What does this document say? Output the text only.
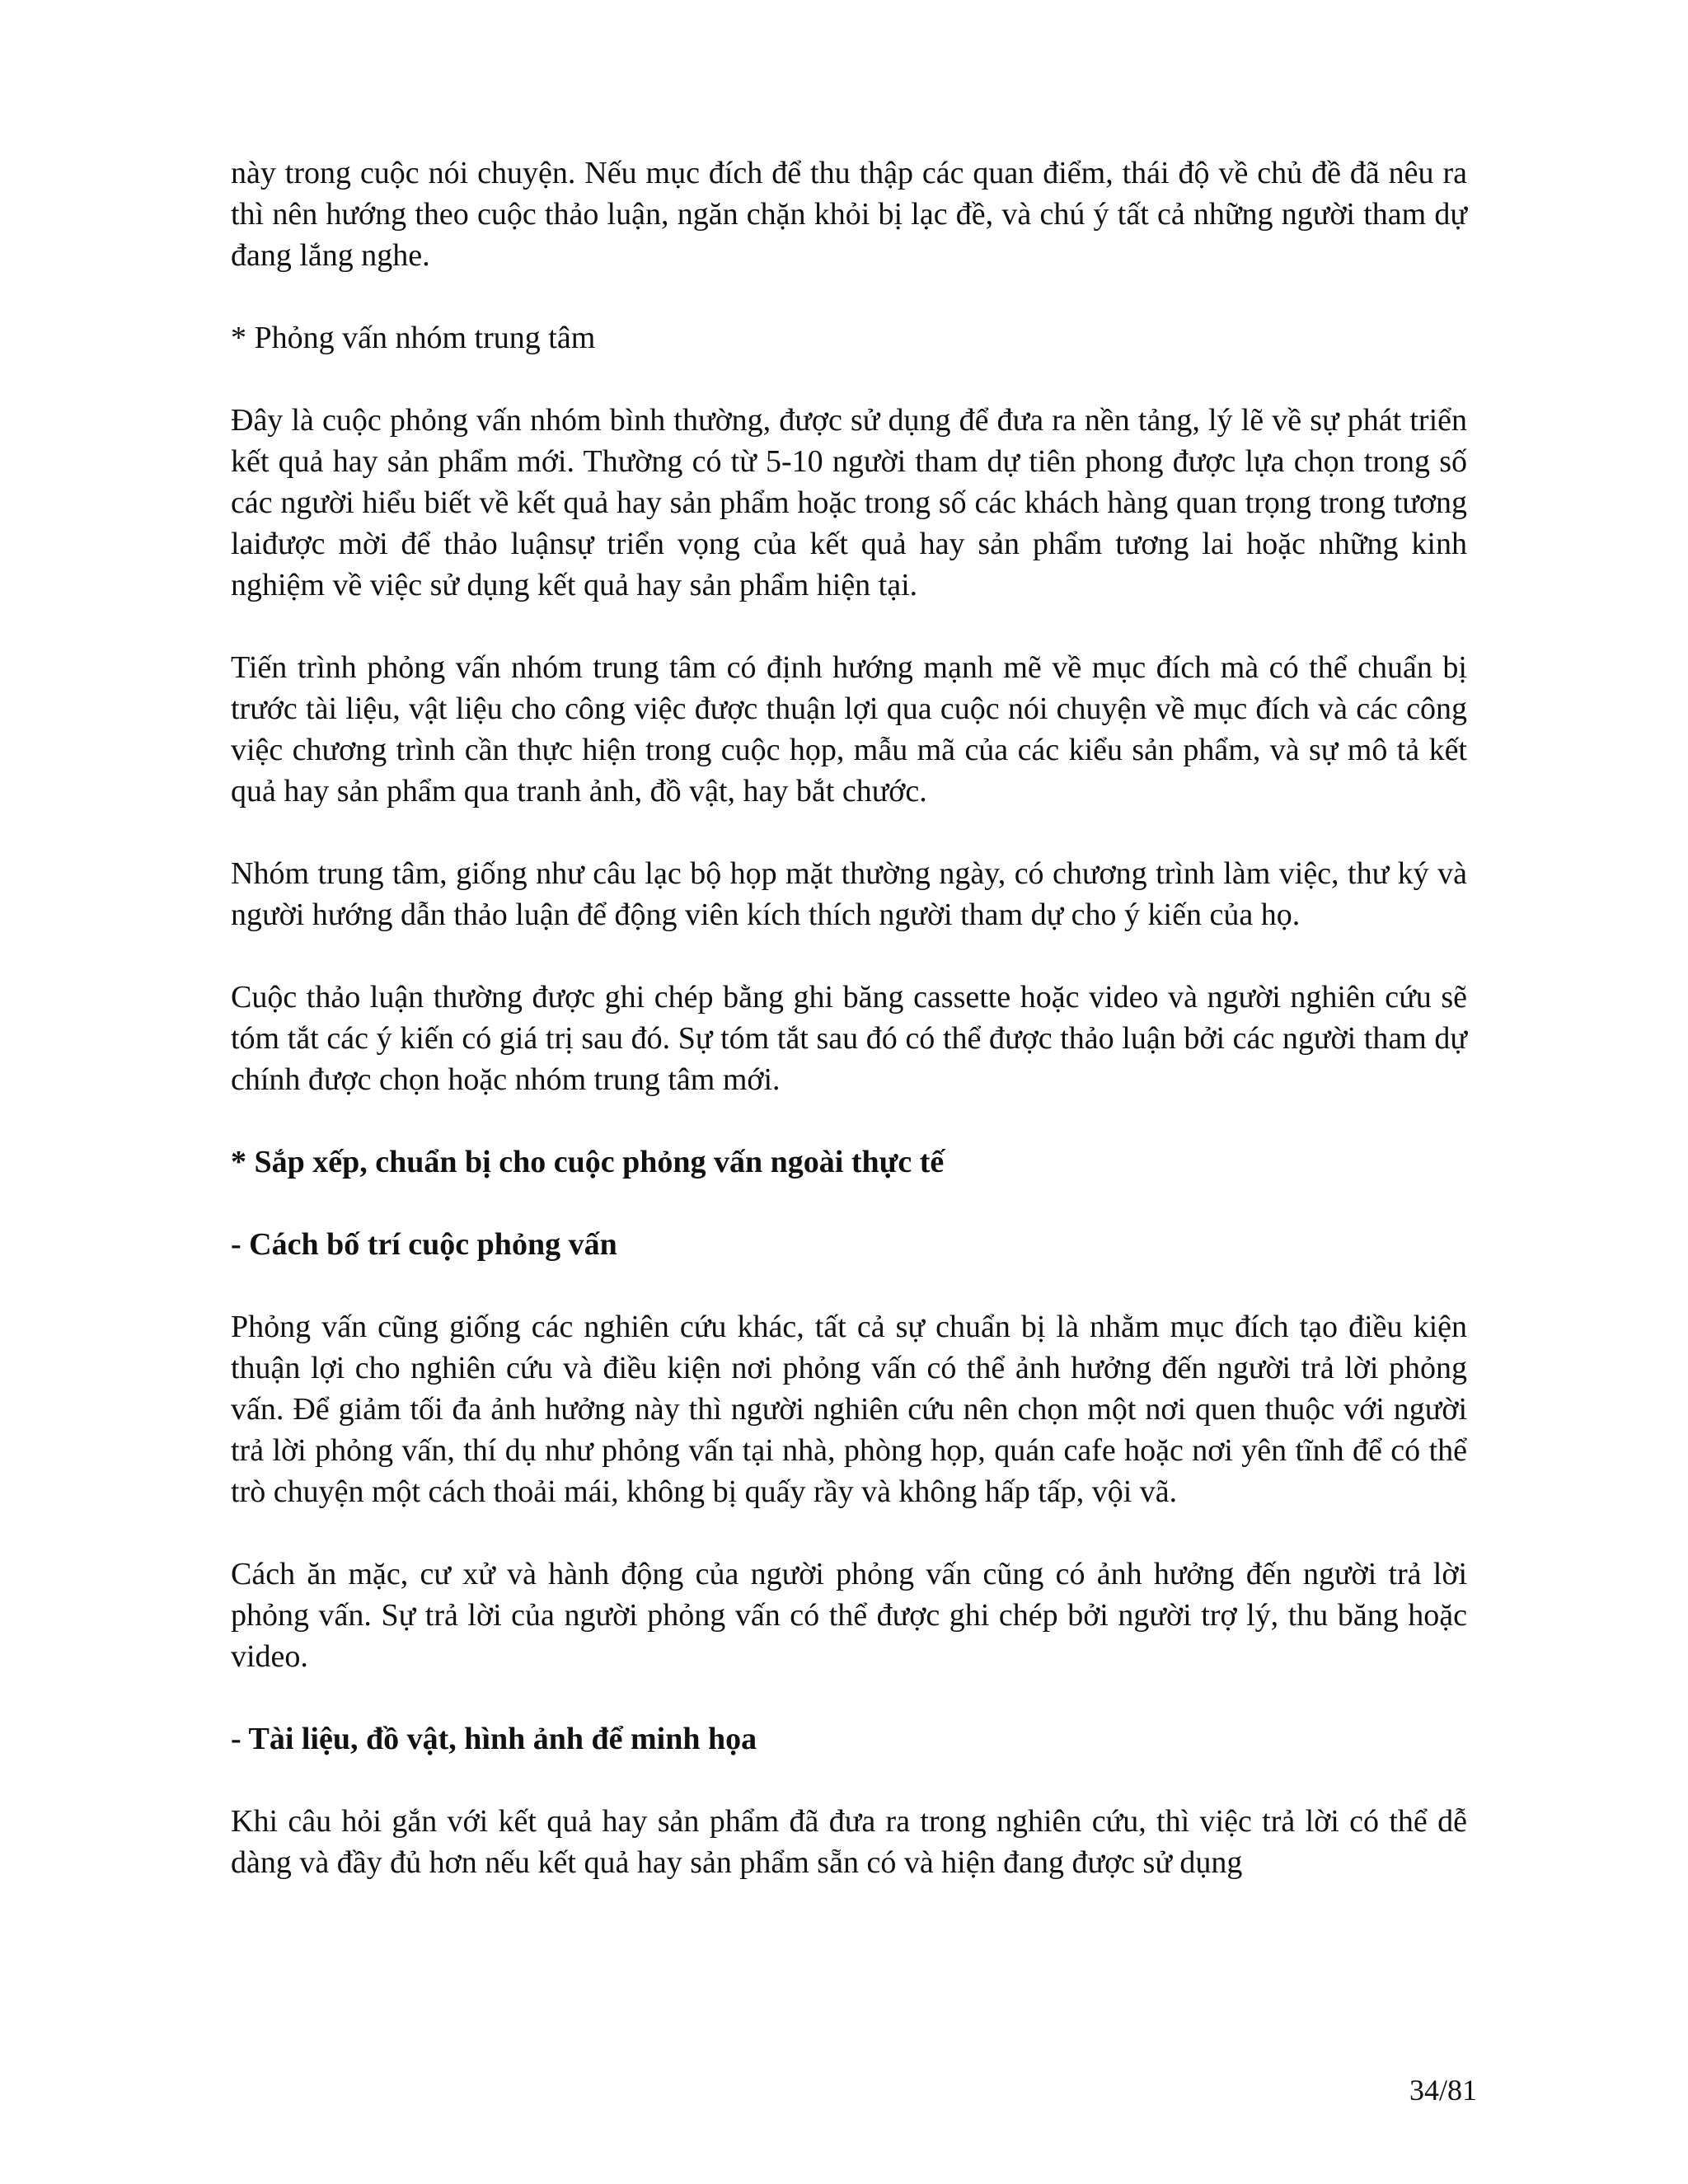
này trong cuộc nói chuyện. Nếu mục đích để thu thập các quan điểm, thái độ về chủ đề đã nêu ra thì nên hướng theo cuộc thảo luận, ngăn chặn khỏi bị lạc đề, và chú ý tất cả những người tham dự đang lắng nghe.

* Phỏng vấn nhóm trung tâm

Đây là cuộc phỏng vấn nhóm bình thường, được sử dụng để đưa ra nền tảng, lý lẽ về sự phát triển kết quả hay sản phẩm mới. Thường có từ 5-10 người tham dự tiên phong được lựa chọn trong số các người hiểu biết về kết quả hay sản phẩm hoặc trong số các khách hàng quan trọng trong tương laiđược mời để thảo luậnsự triển vọng của kết quả hay sản phẩm tương lai hoặc những kinh nghiệm về việc sử dụng kết quả hay sản phẩm hiện tại.

Tiến trình phỏng vấn nhóm trung tâm có định hướng mạnh mẽ về mục đích mà có thể chuẩn bị trước tài liệu, vật liệu cho công việc được thuận lợi qua cuộc nói chuyện về mục đích và các công việc chương trình cần thực hiện trong cuộc họp, mẫu mã của các kiểu sản phẩm, và sự mô tả kết quả hay sản phẩm qua tranh ảnh, đồ vật, hay bắt chước.

Nhóm trung tâm, giống như câu lạc bộ họp mặt thường ngày, có chương trình làm việc, thư ký và người hướng dẫn thảo luận để động viên kích thích người tham dự cho ý kiến của họ.

Cuộc thảo luận thường được ghi chép bằng ghi băng cassette hoặc video và người nghiên cứu sẽ tóm tắt các ý kiến có giá trị sau đó. Sự tóm tắt sau đó có thể được thảo luận bởi các người tham dự chính được chọn hoặc nhóm trung tâm mới.

* Sắp xếp, chuẩn bị cho cuộc phỏng vấn ngoài thực tế

- Cách bố trí cuộc phỏng vấn

Phỏng vấn cũng giống các nghiên cứu khác, tất cả sự chuẩn bị là nhằm mục đích tạo điều kiện thuận lợi cho nghiên cứu và điều kiện nơi phỏng vấn có thể ảnh hưởng đến người trả lời phỏng vấn. Để giảm tối đa ảnh hưởng này thì người nghiên cứu nên chọn một nơi quen thuộc với người trả lời phỏng vấn, thí dụ như phỏng vấn tại nhà, phòng họp, quán cafe hoặc nơi yên tĩnh để có thể trò chuyện một cách thoải mái, không bị quấy rầy và không hấp tấp, vội vã.

Cách ăn mặc, cư xử và hành động của người phỏng vấn cũng có ảnh hưởng đến người trả lời phỏng vấn. Sự trả lời của người phỏng vấn có thể được ghi chép bởi người trợ lý, thu băng hoặc video.

- Tài liệu, đồ vật, hình ảnh để minh họa

Khi câu hỏi gắn với kết quả hay sản phẩm đã đưa ra trong nghiên cứu, thì việc trả lời có thể dễ dàng và đầy đủ hơn nếu kết quả hay sản phẩm sẵn có và hiện đang được sử dụng

34/81
